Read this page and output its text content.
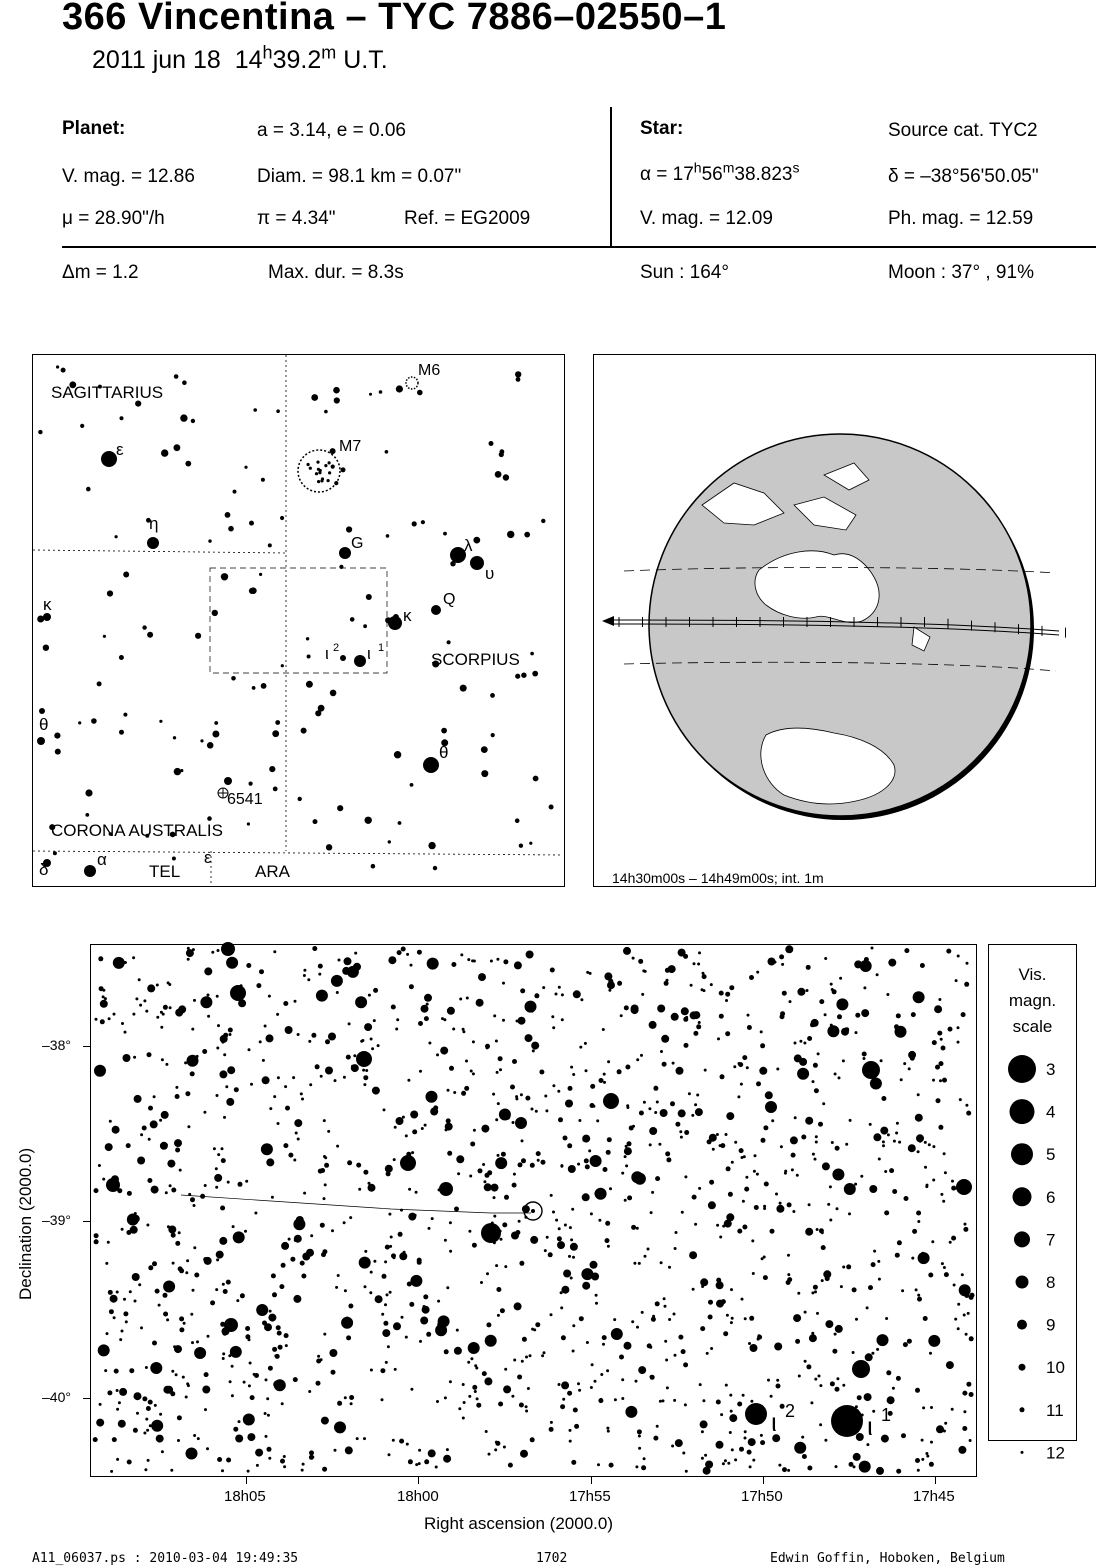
366 Vincentina – TYC 7886–02550–1
2011 jun 18 14$^h$39.2$^m$ U.T.
Planet:	a = 3.14, e = 0.06
V. mag. = 12.86	Diam. = 98.1 km = 0.07"
μ = 28.90"/h	π = 4.34"	Ref. = EG2009
Star:	Source cat. TYC2
$\alpha = 17^h56^m38.823^s$	δ = –38°56'50.05"
V. mag. = 12.09	Ph. mag. = 12.59
Δm = 1.2	Max. dur. = 8.3s	Sun : 164°	Moon : 37° , 91%
SAGITTARIUS
SCORPIUS
CORONA AUSTRALIS
TEL	ARA
M6
M7
G
Q
6541
ε
η
λ
υ
κ
κ
θ
θ
ι 2 ι 1
δ
α	ε
14h30m00s – 14h49m00s; int. 1m
Declination (2000.0)
ι 2	ι 1
–38°
–39°
–40°
18h05	18h00	17h55	17h50	17h45
Right ascension (2000.0)
Vis.
magn.
scale
3
4
5
6
7
8
9
10
11
12
A11_06037.ps : 2010-03-04 19:49:35	1702	Edwin Goffin, Hoboken, Belgium
